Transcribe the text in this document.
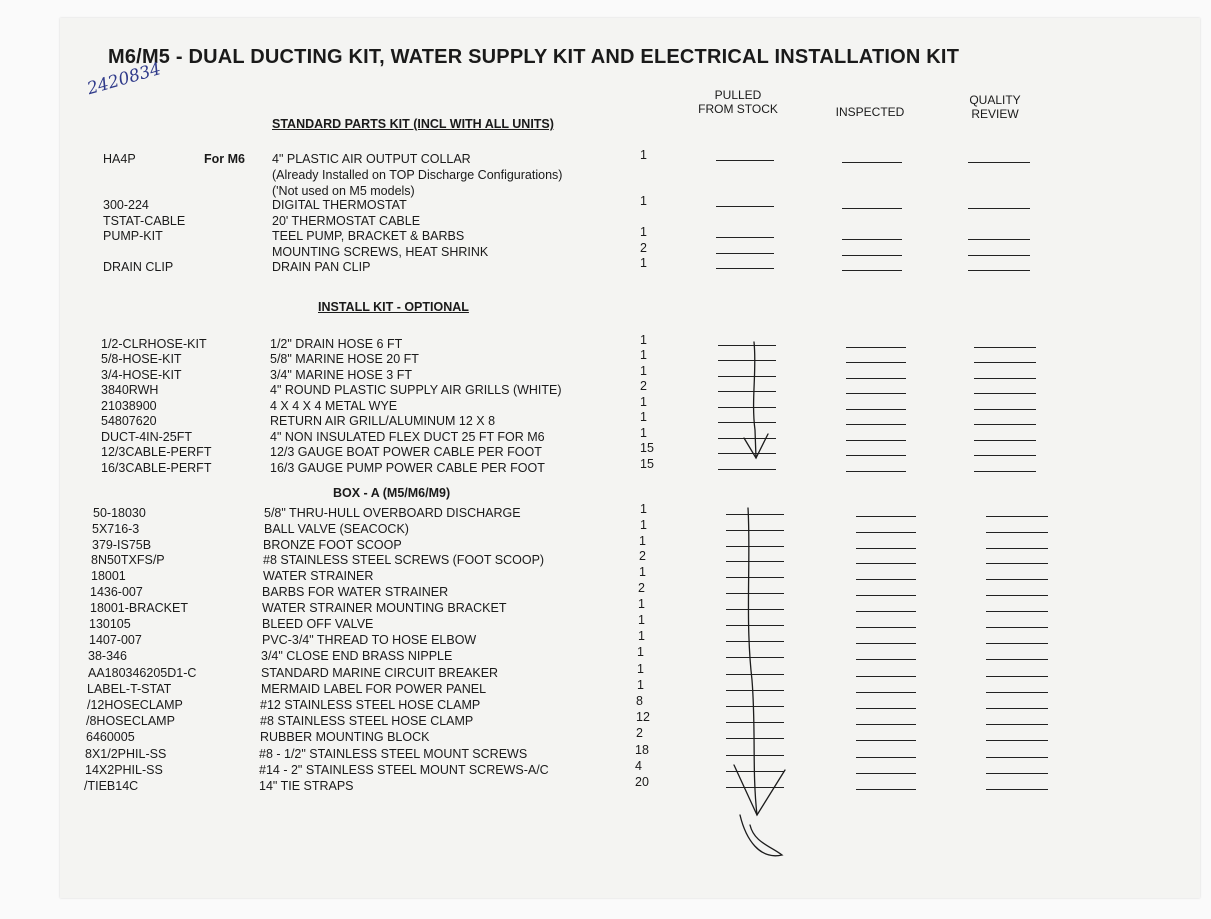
M6/M5 - DUAL DUCTING KIT, WATER SUPPLY KIT AND ELECTRICAL INSTALLATION KIT
2420834	PULLED
FROM STOCK	INSPECTED
QUALITY
REVIEW
STANDARD PARTS KIT (INCL WITH ALL UNITS)
INSTALL KIT - OPTIONAL
BOX - A (M5/M6/M9)
HA4P	For M6 4" PLASTIC AIR OUTPUT COLLAR	1
(Already Installed on TOP Discharge Configurations)
('Not used on M5 models)
300-224	DIGITAL THERMOSTAT	1
TSTAT-CABLE	20' THERMOSTAT CABLE
PUMP-KIT	TEEL PUMP, BRACKET & BARBS	1
MOUNTING SCREWS, HEAT SHRINK	2
DRAIN CLIP	DRAIN PAN CLIP	1
1/2-CLRHOSE-KIT	1/2" DRAIN HOSE 6 FT	1
5/8-HOSE-KIT	5/8" MARINE HOSE 20 FT	1
3/4-HOSE-KIT	3/4" MARINE HOSE 3 FT	1
3840RWH	4" ROUND PLASTIC SUPPLY AIR GRILLS (WHITE)	2
21038900	4 X 4 X 4 METAL WYE	1
54807620	RETURN AIR GRILL/ALUMINUM 12 X 8	1
DUCT-4IN-25FT	4" NON INSULATED FLEX DUCT 25 FT FOR M6	1
12/3CABLE-PERFT	12/3 GAUGE BOAT POWER CABLE PER FOOT	15
16/3CABLE-PERFT	16/3 GAUGE PUMP POWER CABLE PER FOOT	15
50-18030	5/8" THRU-HULL OVERBOARD DISCHARGE	1
5X716-3	BALL VALVE (SEACOCK)	1
379-IS75B	BRONZE FOOT SCOOP	1
8N50TXFS/P	#8 STAINLESS STEEL SCREWS (FOOT SCOOP)	2
18001	WATER STRAINER	1
1436-007	BARBS FOR WATER STRAINER	2
18001-BRACKET	WATER STRAINER MOUNTING BRACKET	1
130105	BLEED OFF VALVE	1
1407-007	PVC-3/4" THREAD TO HOSE ELBOW	1
38-346	3/4" CLOSE END BRASS NIPPLE	1
AA180346205D1-C	STANDARD MARINE CIRCUIT BREAKER	1
LABEL-T-STAT	MERMAID LABEL FOR POWER PANEL	1
/12HOSECLAMP	#12 STAINLESS STEEL HOSE CLAMP	8
/8HOSECLAMP	#8 STAINLESS STEEL HOSE CLAMP	12
6460005	RUBBER MOUNTING BLOCK	2
8X1/2PHIL-SS	#8 - 1/2" STAINLESS STEEL MOUNT SCREWS	18
14X2PHIL-SS	#14 - 2" STAINLESS STEEL MOUNT SCREWS-A/C	4
/TIEB14C	14" TIE STRAPS	20
